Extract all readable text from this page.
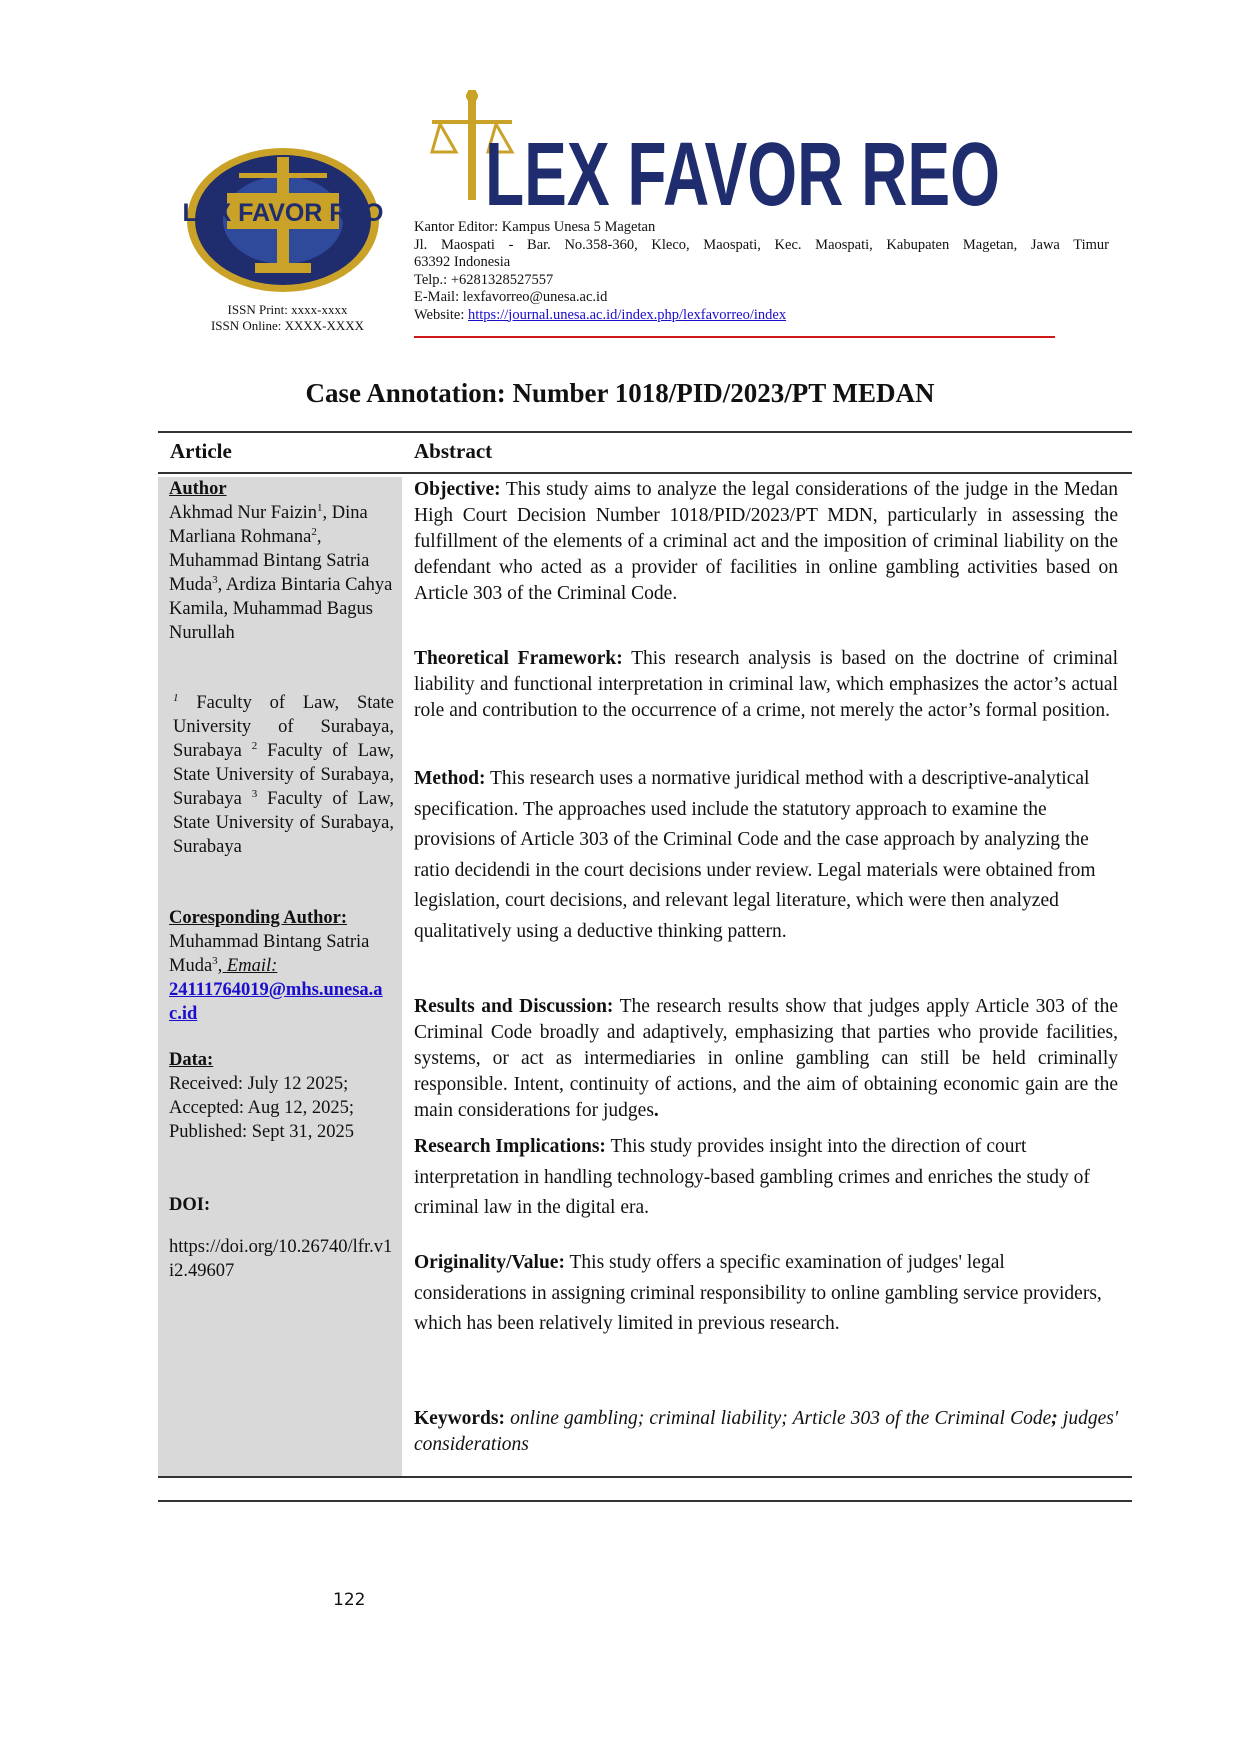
LEX FAVOR REO
ISSN Print: xxxx-xxxx
ISSN Online: XXXX-XXXX
LEX FAVOR REO
Kantor Editor: Kampus Unesa 5 Magetan
Jl. Maospati - Bar. No.358-360, Kleco, Maospati, Kec. Maospati, Kabupaten Magetan, Jawa Timur
63392 Indonesia
Telp.: +6281328527557
E-Mail: lexfavorreo@unesa.ac.id
Website: https://journal.unesa.ac.id/index.php/lexfavorreo/index
Case Annotation: Number 1018/PID/2023/PT MEDAN
Article	Abstract
Author
Akhmad Nur Faizin$^1$, Dina Marliana Rohmana$^2$, Muhammad Bintang Satria Muda$^3$, Ardiza Bintaria Cahya Kamila, Muhammad Bagus Nurullah
$^1$ Faculty of Law, State University of Surabaya, Surabaya $^2$ Faculty of Law, State University of Surabaya, Surabaya $^3$ Faculty of Law, State University of Surabaya, Surabaya
Coresponding Author:
Muhammad Bintang Satria Muda$^3$, Email:
24111764019@mhs.unesa.ac.id
Data:
Received: July 12 2025;
Accepted: Aug 12, 2025;
Published: Sept 31, 2025
DOI:
https://doi.org/10.26740/lfr.v1i2.49607
Objective: This study aims to analyze the legal considerations of the judge in the Medan High Court Decision Number 1018/PID/2023/PT MDN, particularly in assessing the fulfillment of the elements of a criminal act and the imposition of criminal liability on the defendant who acted as a provider of facilities in online gambling activities based on Article 303 of the Criminal Code.
Theoretical Framework: This research analysis is based on the doctrine of criminal liability and functional interpretation in criminal law, which emphasizes the actor’s actual role and contribution to the occurrence of a crime, not merely the actor’s formal position.
Method: This research uses a normative juridical method with a descriptive-analytical specification. The approaches used include the statutory approach to examine the provisions of Article 303 of the Criminal Code and the case approach by analyzing the ratio decidendi in the court decisions under review. Legal materials were obtained from legislation, court decisions, and relevant legal literature, which were then analyzed qualitatively using a deductive thinking pattern.
Results and Discussion: The research results show that judges apply Article 303 of the Criminal Code broadly and adaptively, emphasizing that parties who provide facilities, systems, or act as intermediaries in online gambling can still be held criminally responsible. Intent, continuity of actions, and the aim of obtaining economic gain are the main considerations for judges.
Research Implications: This study provides insight into the direction of court interpretation in handling technology-based gambling crimes and enriches the study of criminal law in the digital era.
Originality/Value: This study offers a specific examination of judges' legal considerations in assigning criminal responsibility to online gambling service providers, which has been relatively limited in previous research.
Keywords: online gambling; criminal liability; Article 303 of the Criminal Code; judges' considerations
122
